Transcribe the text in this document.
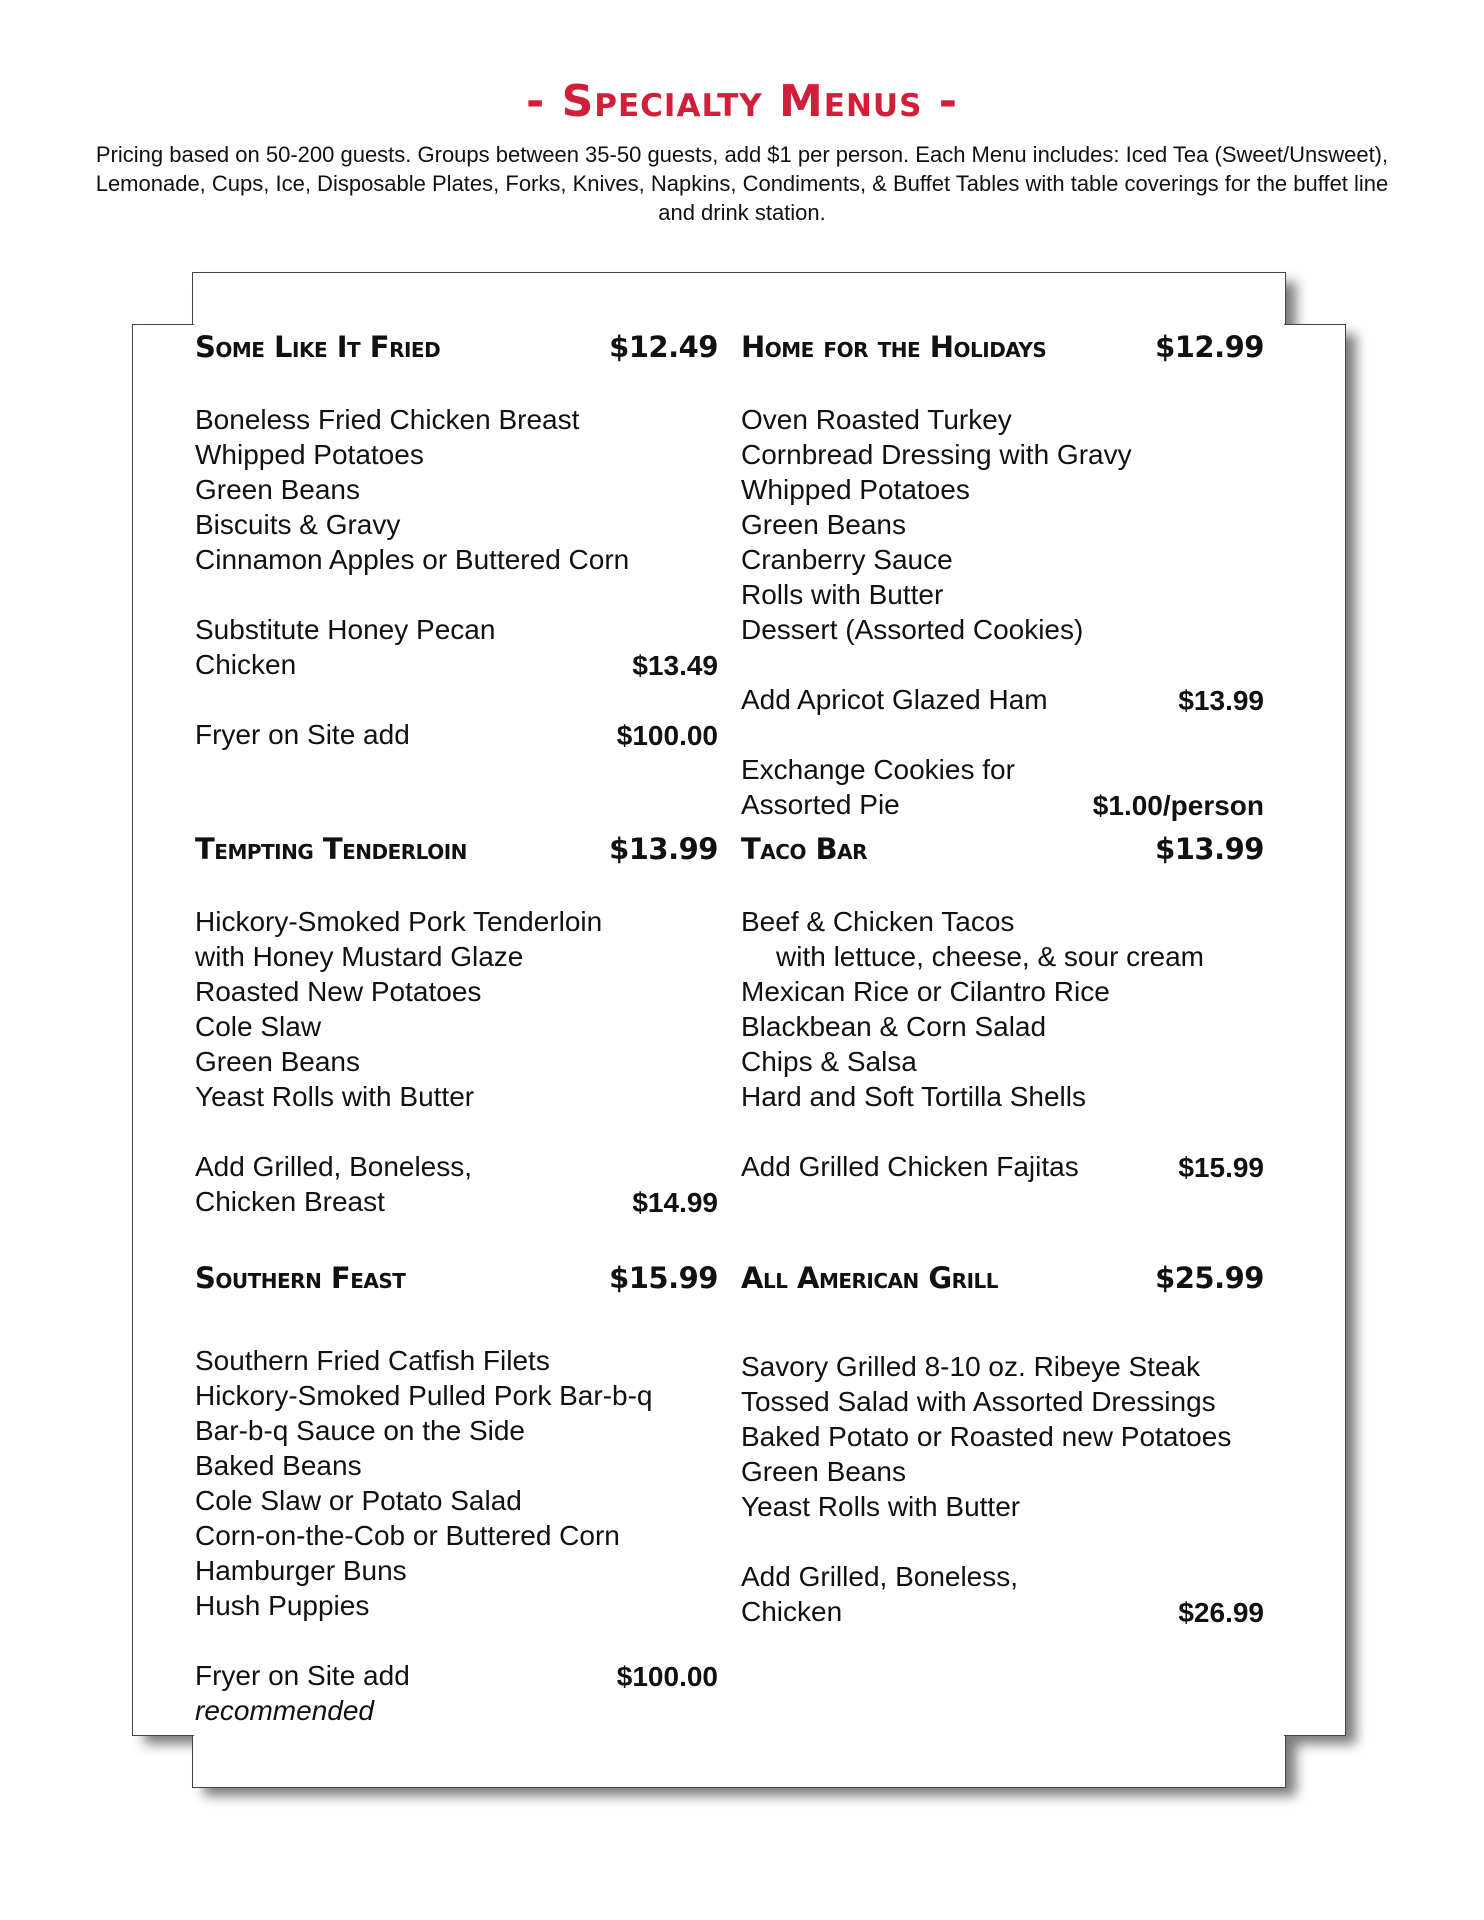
- Specialty Menus -
Pricing based on 50-200 guests. Groups between 35-50 guests, add $1 per person. Each Menu includes: Iced Tea (Sweet/Unsweet), Lemonade, Cups, Ice, Disposable Plates, Forks, Knives, Napkins, Condiments, & Buffet Tables with table coverings for the buffet line and drink station.
Some Like It Fried	$12.49
Boneless Fried Chicken Breast
Whipped Potatoes
Green Beans
Biscuits & Gravy
Cinnamon Apples or Buttered Corn
Substitute Honey Pecan
Chicken	$13.49
Fryer on Site add	$100.00
Home for the Holidays	$12.99
Oven Roasted Turkey
Cornbread Dressing with Gravy
Whipped Potatoes
Green Beans
Cranberry Sauce
Rolls with Butter
Dessert (Assorted Cookies)
Add Apricot Glazed Ham	$13.99
Exchange Cookies for
Assorted Pie	$1.00/person
Tempting Tenderloin	$13.99
Hickory-Smoked Pork Tenderloin
with Honey Mustard Glaze
Roasted New Potatoes
Cole Slaw
Green Beans
Yeast Rolls with Butter
Add Grilled, Boneless,
Chicken Breast	$14.99
Taco Bar	$13.99
Beef & Chicken Tacos
with lettuce, cheese, & sour cream
Mexican Rice or Cilantro Rice
Blackbean & Corn Salad
Chips & Salsa
Hard and Soft Tortilla Shells
Add Grilled Chicken Fajitas	$15.99
Southern Feast	$15.99
Southern Fried Catfish Filets
Hickory-Smoked Pulled Pork Bar-b-q
Bar-b-q Sauce on the Side
Baked Beans
Cole Slaw or Potato Salad
Corn-on-the-Cob or Buttered Corn
Hamburger Buns
Hush Puppies
Fryer on Site add	$100.00
recommended
All American Grill	$25.99
Savory Grilled 8-10 oz. Ribeye Steak
Tossed Salad with Assorted Dressings
Baked Potato or Roasted new Potatoes
Green Beans
Yeast Rolls with Butter
Add Grilled, Boneless,
Chicken	$26.99
